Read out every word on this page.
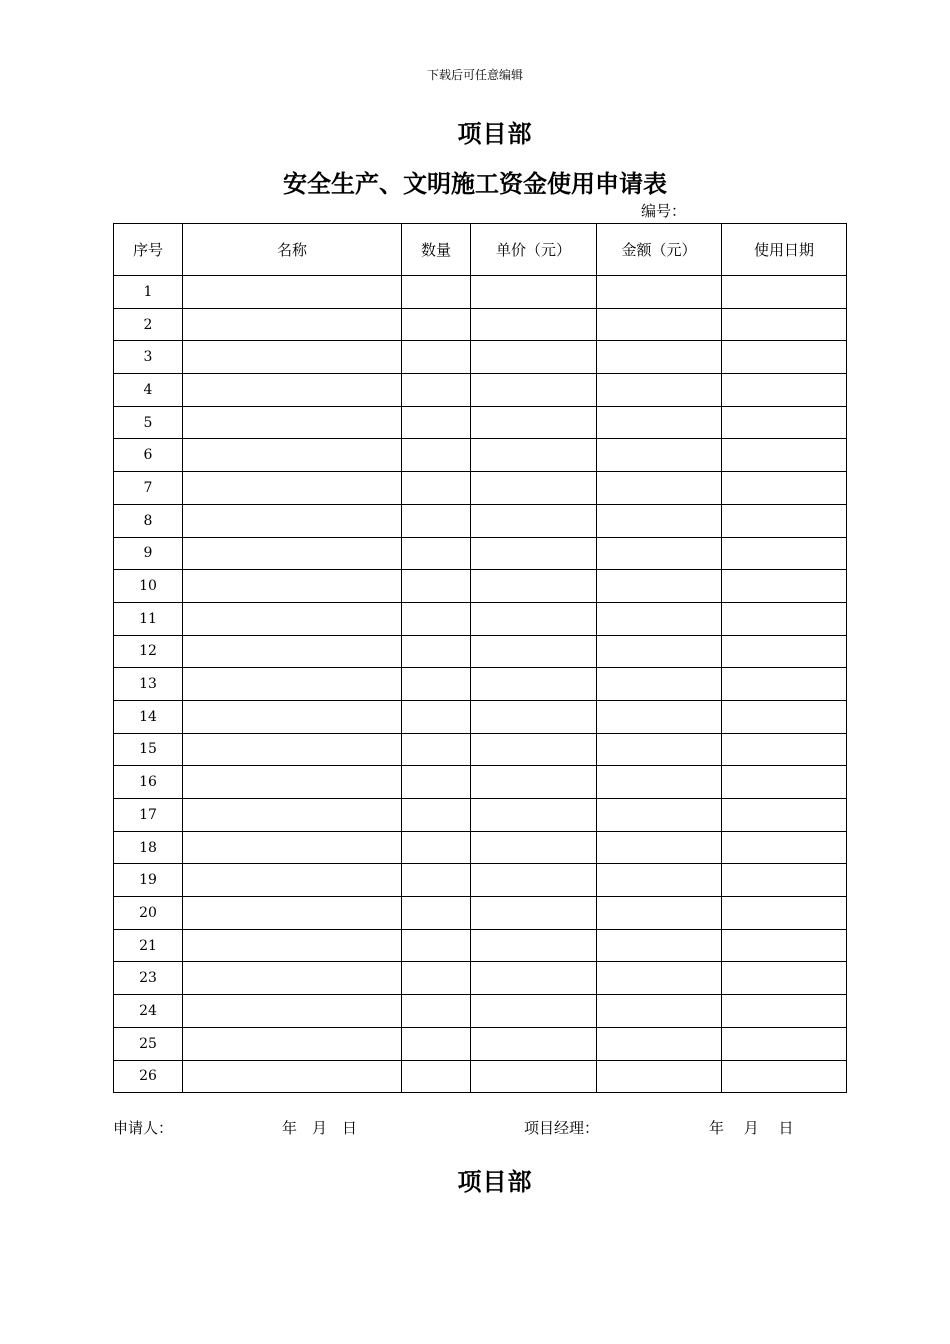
下载后可任意编辑
项目部
安全生产、文明施工资金使用申请表
编号：
序号	名称	数量	单价（元）	金额（元）	使用日期
1					
2					
3					
4					
5					
6					
7					
8					
9					
10					
11					
12					
13					
14					
15					
16					
17					
18					
19					
20					
21					
23					
24					
25					
26					
申请人：	年　月　日	项目经理：	年　 月　 日
项目部
